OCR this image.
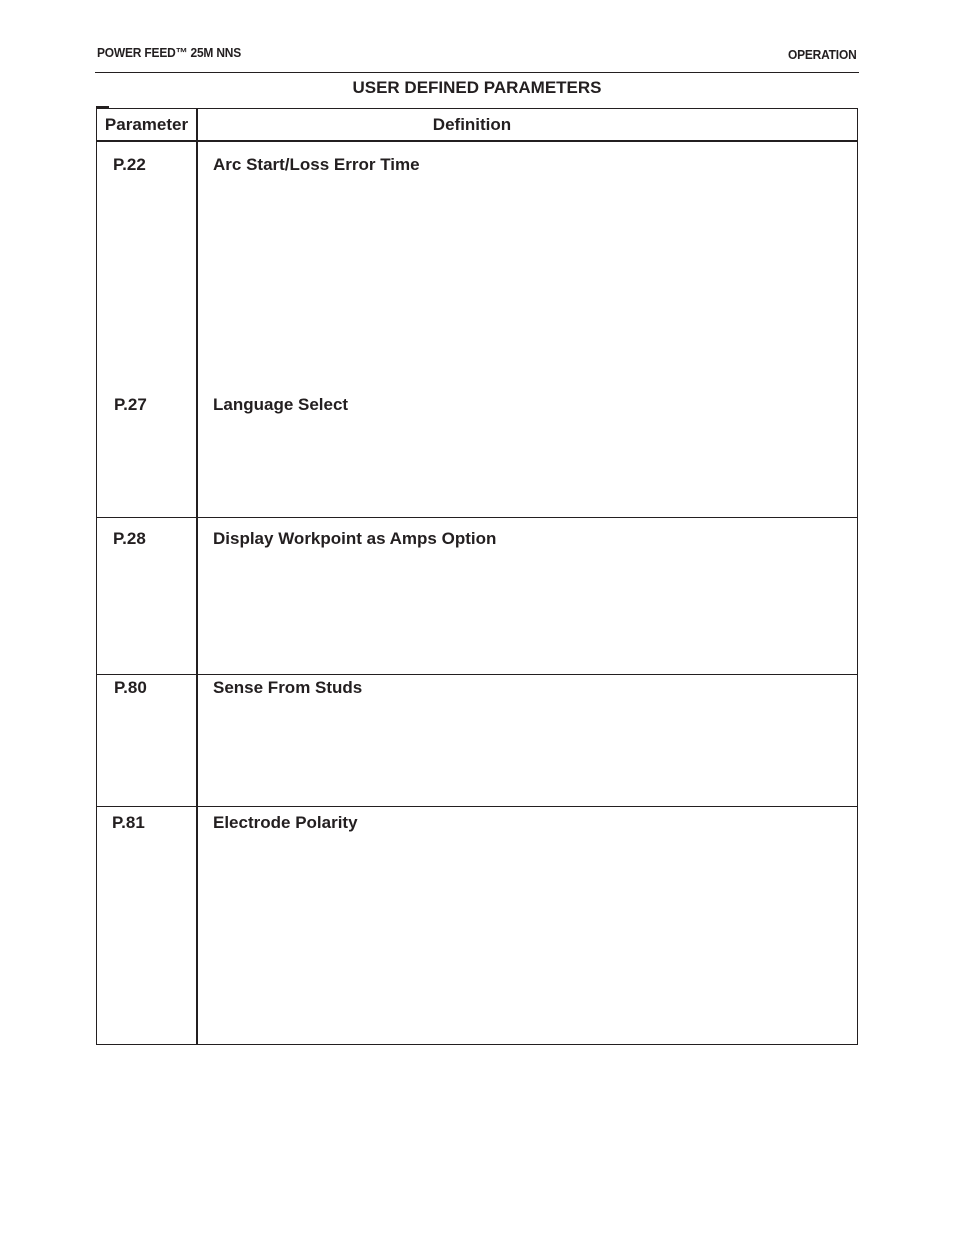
POWER FEED™ 25M NNS	OPERATION
USER DEFINED PARAMETERS
Parameter	Definition
P.22	Arc Start/Loss Error Time
P.27	Language Select
P.28	Display Workpoint as Amps Option
P.80	Sense From Studs
P.81	Electrode Polarity
